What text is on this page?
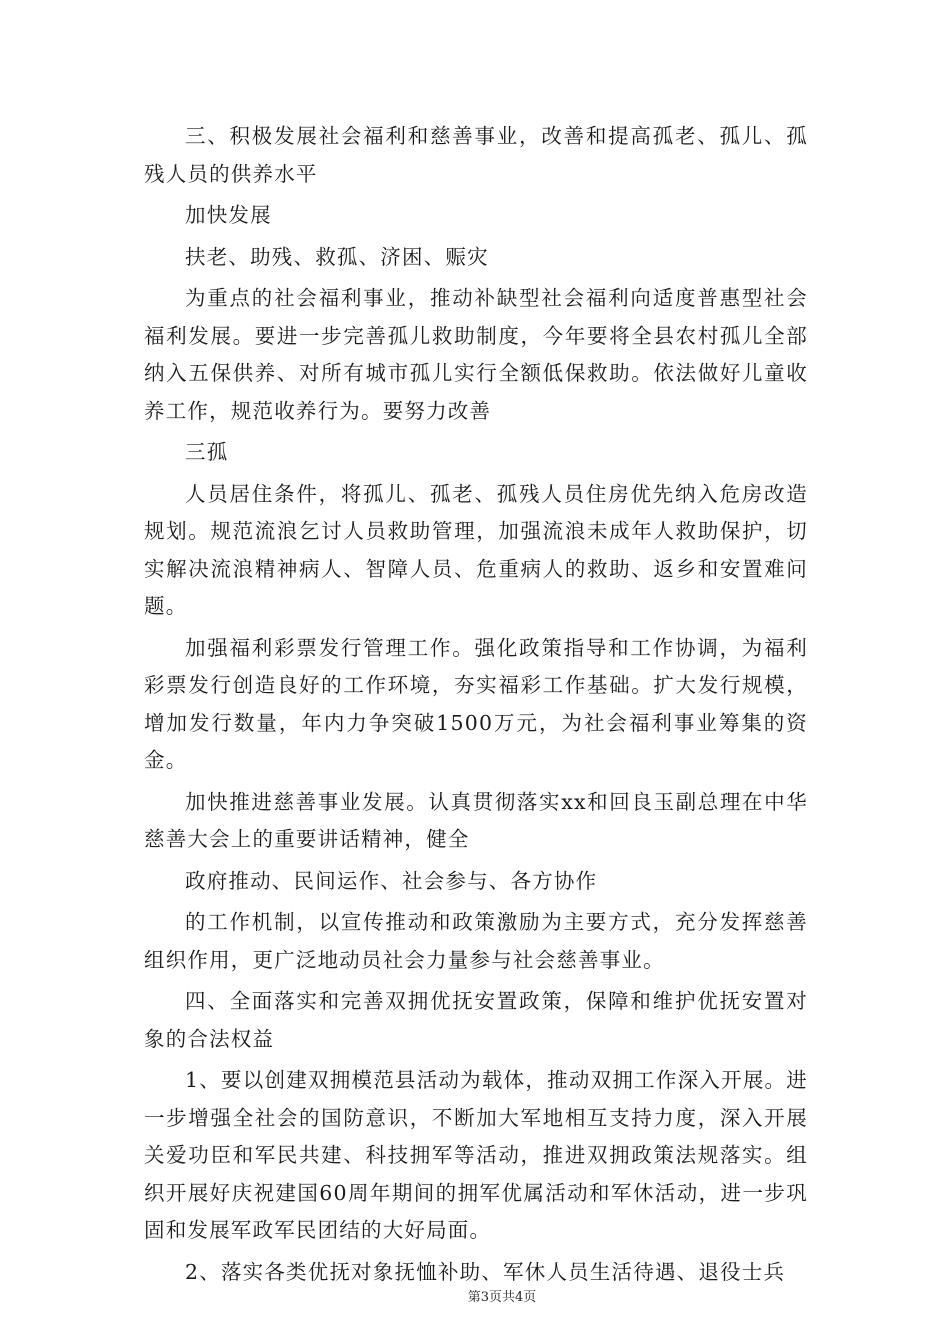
三、积极发展社会福利和慈善事业，改善和提高孤老、孤儿、孤残人员的供养水平

加快发展

扶老、助残、救孤、济困、赈灾

为重点的社会福利事业，推动补缺型社会福利向适度普惠型社会福利发展。要进一步完善孤儿救助制度，今年要将全县农村孤儿全部纳入五保供养、对所有城市孤儿实行全额低保救助。依法做好儿童收养工作，规范收养行为。要努力改善

三孤

人员居住条件，将孤儿、孤老、孤残人员住房优先纳入危房改造规划。规范流浪乞讨人员救助管理，加强流浪未成年人救助保护，切实解决流浪精神病人、智障人员、危重病人的救助、返乡和安置难问题。

加强福利彩票发行管理工作。强化政策指导和工作协调，为福利彩票发行创造良好的工作环境，夯实福彩工作基础。扩大发行规模，增加发行数量，年内力争突破1500万元，为社会福利事业筹集的资金。

加快推进慈善事业发展。认真贯彻落实xx和回良玉副总理在中华慈善大会上的重要讲话精神，健全

政府推动、民间运作、社会参与、各方协作

的工作机制，以宣传推动和政策激励为主要方式，充分发挥慈善组织作用，更广泛地动员社会力量参与社会慈善事业。

四、全面落实和完善双拥优抚安置政策，保障和维护优抚安置对象的合法权益

1、要以创建双拥模范县活动为载体，推动双拥工作深入开展。进一步增强全社会的国防意识，不断加大军地相互支持力度，深入开展关爱功臣和军民共建、科技拥军等活动，推进双拥政策法规落实。组织开展好庆祝建国60周年期间的拥军优属活动和军休活动，进一步巩固和发展军政军民团结的大好局面。

2、落实各类优抚对象抚恤补助、军休人员生活待遇、退役士兵

第3页共4页
